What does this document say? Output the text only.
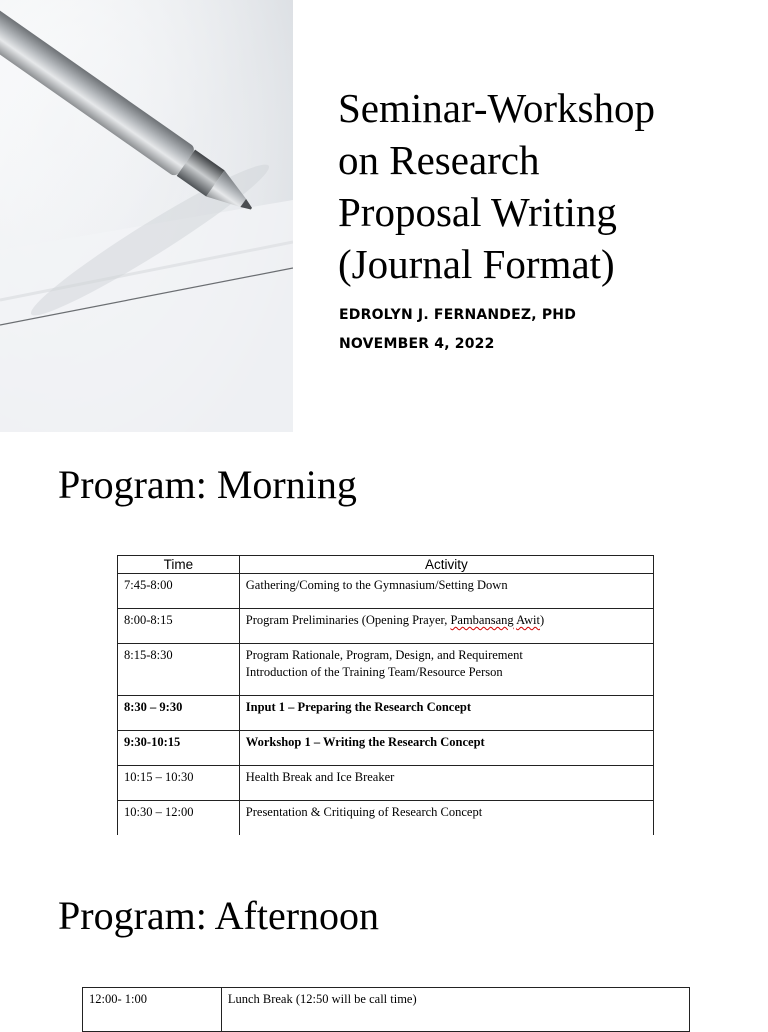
Seminar-Workshop
on Research
Proposal Writing
(Journal Format)
EDROLYN J. FERNANDEZ, PHD
NOVEMBER 4, 2022
Program: Morning
Time	Activity
7:45-8:00	Gathering/Coming to the Gymnasium/Setting Down
8:00-8:15	Program Preliminaries (Opening Prayer, Pambansang Awit)
8:15-8:30	Program Rationale, Program, Design, and Requirement
Introduction of the Training Team/Resource Person

8:30 – 9:30	Input 1 – Preparing the Research Concept
9:30-10:15	Workshop 1 – Writing the Research Concept
10:15 – 10:30	Health Break and Ice Breaker
10:30 – 12:00	Presentation & Critiquing of Research Concept
Program: Afternoon
12:00- 1:00	Lunch Break (12:50 will be call time)
